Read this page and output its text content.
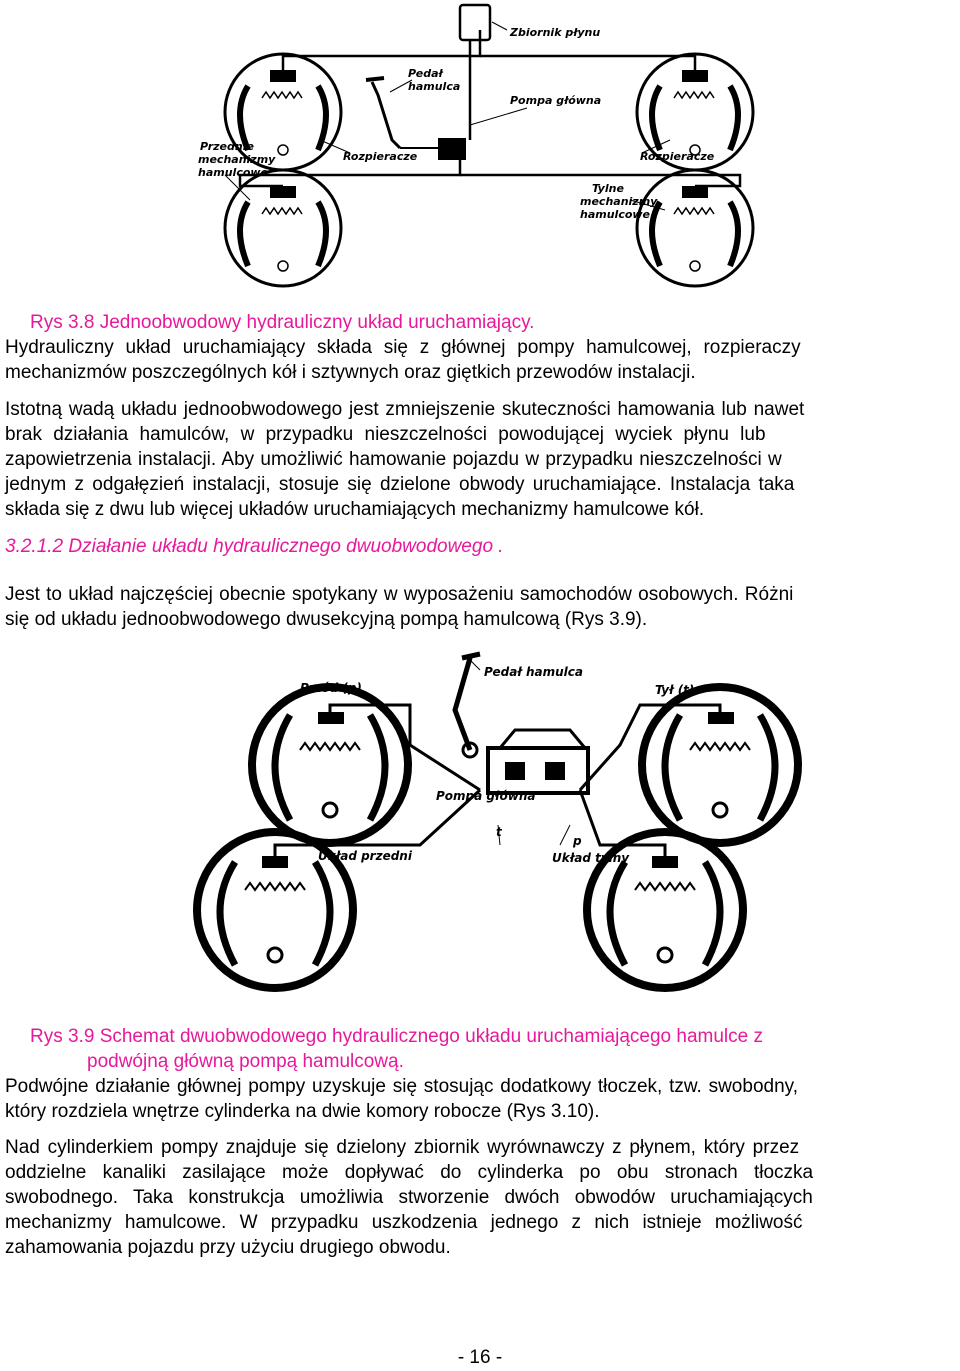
Zbiornik płynu
Pedał
hamulca
Pompa główna
Rozpieracze	Rozpieracze
Przednie
mechanizmy
hamulcowe
Tylne
mechanizmy
hamulcowe
Rys 3.8 Jednoobwodowy hydrauliczny układ uruchamiający.
Hydrauliczny układ uruchamiający składa się z głównej pompy hamulcowej, rozpieraczy
mechanizmów poszczególnych kół i sztywnych oraz giętkich przewodów instalacji.
Istotną wadą układu jednoobwodowego jest zmniejszenie skuteczności hamowania lub nawet
brak działania hamulców, w przypadku nieszczelności powodującej wyciek płynu lub
zapowietrzenia instalacji. Aby umożliwić hamowanie pojazdu w przypadku nieszczelności w
jednym z odgałęzień instalacji, stosuje się dzielone obwody uruchamiające. Instalacja taka
składa się z dwu lub więcej układów uruchamiających mechanizmy hamulcowe kół.
3.2.1.2 Działanie układu hydraulicznego dwuobwodowego .
Jest to układ najczęściej obecnie spotykany w wyposażeniu samochodów osobowych. Różni
się od układu jednoobwodowego dwusekcyjną pompą hamulcową (Rys 3.9).
Pedał hamulca
Przód (p)	Tył (t)
Pompa główna
Układ przedni	Układ tylny
t
p
Rys 3.9 Schemat dwuobwodowego hydraulicznego układu uruchamiającego hamulce z
podwójną główną pompą hamulcową.
Podwójne działanie głównej pompy uzyskuje się stosując dodatkowy tłoczek, tzw. swobodny,
który rozdziela wnętrze cylinderka na dwie komory robocze (Rys 3.10).
Nad cylinderkiem pompy znajduje się dzielony zbiornik wyrównawczy z płynem, który przez
oddzielne kanaliki zasilające może dopływać do cylinderka po obu stronach tłoczka
swobodnego. Taka konstrukcja umożliwia stworzenie dwóch obwodów uruchamiających
mechanizmy hamulcowe. W przypadku uszkodzenia jednego z nich istnieje możliwość
zahamowania pojazdu przy użyciu drugiego obwodu.
- 16 -
